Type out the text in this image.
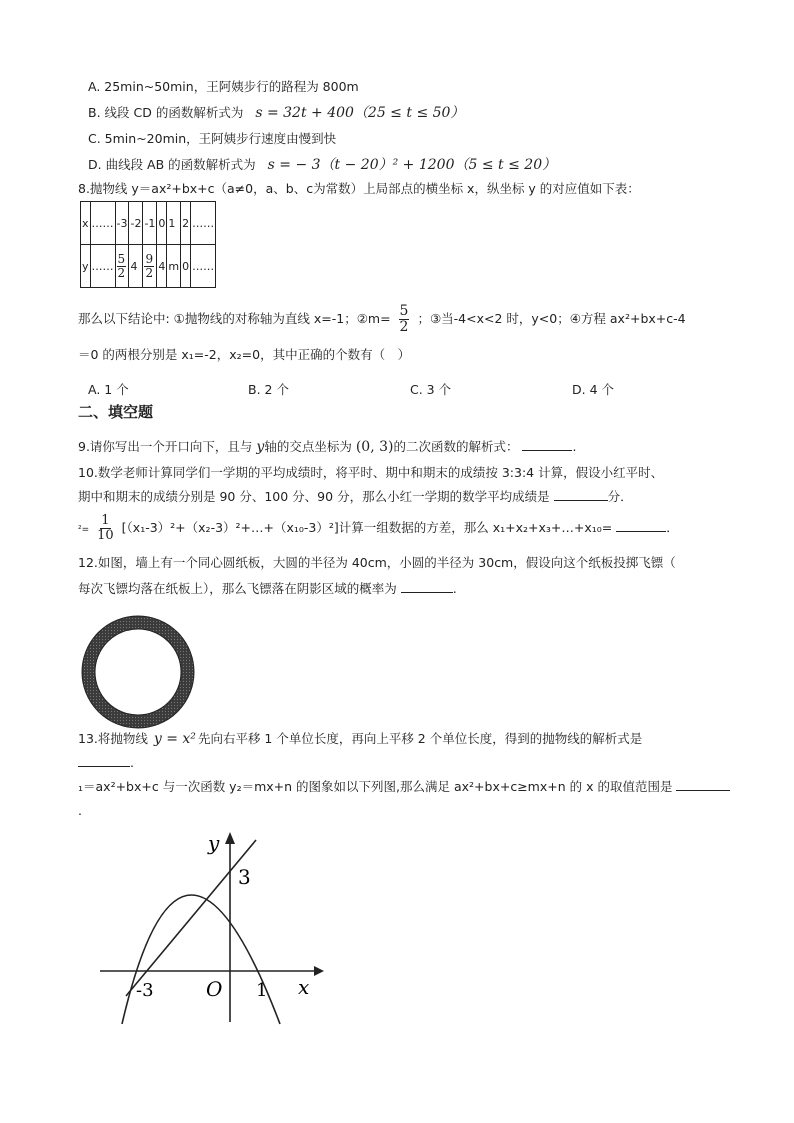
A. 25min~50min，王阿姨步行的路程为 800m
B. 线段 CD 的函数解析式为 s = 32t + 400（25 ≤ t ≤ 50）
C. 5min~20min，王阿姨步行速度由慢到快
D. 曲线段 AB 的函数解析式为 s = − 3（t − 20）² + 1200（5 ≤ t ≤ 20）
8.抛物线 y＝ax²+bx+c（a≠0，a、b、c为常数）上局部点的横坐标 x，纵坐标 y 的对应值如下表：
x	……	-3	-2	-1	0	1	2	……
y	……	$\frac{5}{2}$	4	$\frac{9}{2}$	4	m	0	……
那么以下结论中: ①抛物线的对称轴为直线 x=-1；②m= $\frac{5}{2}$ ；③当-4<x<2 时，y<0；④方程 ax²+bx+c-4
＝0 的两根分别是 x₁=-2，x₂=0，其中正确的个数有（　）
A. 1 个	B. 2 个	C. 3 个	D. 4 个
二、填空题
9.请你写出一个开口向下，且与 y轴的交点坐标为 (0, 3)的二次函数的解析式：	.
10.数学老师计算同学们一学期的平均成绩时，将平时、期中和期末的成绩按 3:3:4 计算，假设小红平时、
期中和期末的成绩分别是 90 分、100 分、90 分，那么小红一学期的数学平均成绩是	分．
$^2= \frac{1}{10}$ [（x₁-3）²+（x₂-3）²+…+（x₁₀-3）²]计算一组数据的方差，那么 x₁+x₂+x₃+…+x₁₀=	．
12.如图，墙上有一个同心圆纸板，大圆的半径为 40cm，小圆的半径为 30cm，假设向这个纸板投掷飞镖（
每次飞镖均落在纸板上），那么飞镖落在阴影区域的概率为	.
13.将抛物线 y = x² 先向右平移 1 个单位长度，再向上平移 2 个单位长度，得到的抛物线的解析式是
.
₁＝ax²+bx+c 与一次函数 y₂＝mx+n 的图象如以下列图,那么满足 ax²+bx+c≥mx+n 的 x 的取值范围是
.
y
x
3
-3	O 1
